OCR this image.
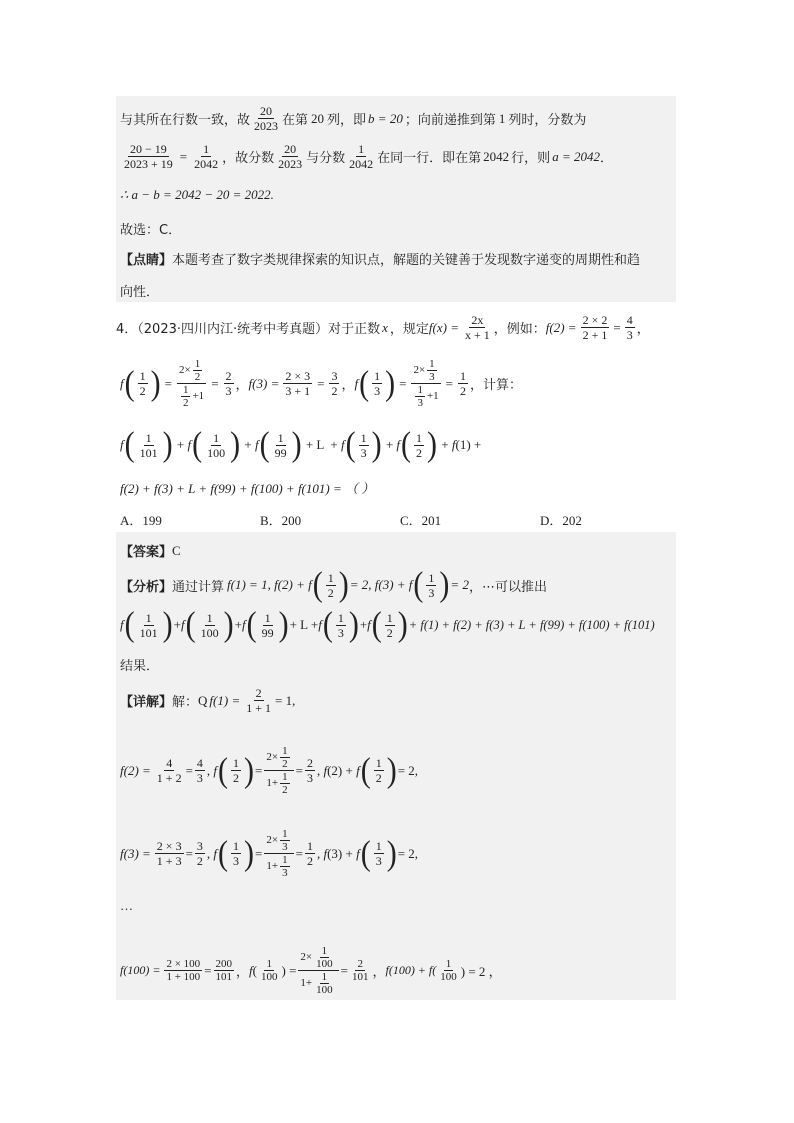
与其所在行数一致，故 $\frac{20}{2023}$ 在第 20 列，即 b = 20 ；向前递推到第 1 列时，分数为
$\frac{20 - 19}{2023 + 19} = \frac{1}{2042}$ ，故分数 $\frac{20}{2023}$ 与分数 $\frac{1}{2042}$ 在同一行．即在第 2042 行，则 a = 2042 ．
∴ a − b = 2042 − 20 = 2022.
故选：C．
【点睛】 本题考查了数字类规律探索的知识点，解题的关键善于发现数字递变的周期性和趋
向性．
4．（2023·四川内江·统考中考真题）对于正数 x ，规定 $f(x) = \frac{2x}{x + 1}$ ，例如： $f(2) = \frac{2 \times 2}{2 + 1} = \frac{4}{3}$ ，
f ( $\frac{1}{2}$ ) = $\frac{2\times \frac{1}{2}}{\frac{1}{2} +1} = \frac{2}{3}$ ， $f(3) = \frac{2 \times 3}{3 + 1} = \frac{3}{2}$ ， f ( $\frac{1}{3}$ ) = $\frac{2\times \frac{1}{3}}{\frac{1}{3} +1} = \frac{1}{2}$ ，计算：
f ( $\frac{1}{101}$ ) + f ( $\frac{1}{100}$ ) + f ( $\frac{1}{99}$ ) + L  + f ( $\frac{1}{3}$ ) + f ( $\frac{1}{2}$ ) + f (1) +
f(2) + f(3) + L + f(99) + f(100) + f(101) = （ ）
A．199	B．200	C．201	D．202
【答案】 C
【分析】 通过计算 f(1) = 1, f(2) + f ( $\frac{1}{2}$ ) = 2, f(3) + f ( $\frac{1}{3}$ ) = 2 ，⋯可以推出
f ( $\frac{1}{101}$ ) + f ( $\frac{1}{100}$ ) + f ( $\frac{1}{99}$ ) + L + f ( $\frac{1}{3}$ ) + f ( $\frac{1}{2}$ ) + f(1) + f(2) + f(3) + L + f(99) + f(100) + f(101)
结果．
【详解】 解： Q $f(1) = \frac{2}{1 + 1} = 1$,
$f(2) = \frac{4}{1 + 2} = \frac{4}{3}$ , f ( $\frac{1}{2}$ ) = $\frac{2\times \frac{1}{2}}{1+ \frac{1}{2}} = \frac{2}{3}$ , f (2) + f ( $\frac{1}{2}$ ) = 2,
$f(3) = \frac{2 \times 3}{1 + 3} = \frac{3}{2}$ , f ( $\frac{1}{3}$ ) = $\frac{2\times \frac{1}{3}}{1+ \frac{1}{3}} = \frac{1}{2}$ , f (3) + f ( $\frac{1}{3}$ ) = 2,
…
$f(100) = \frac{2 \times 100}{1 + 100} = \frac{200}{101}$ ， f ( $\frac{1}{100}$ ) = $\frac{2\times \frac{1}{100}}{1+ \frac{1}{100}} = \frac{2}{101}$ ， $f(100) + f( \frac{1}{100}$ ) = 2 ，
